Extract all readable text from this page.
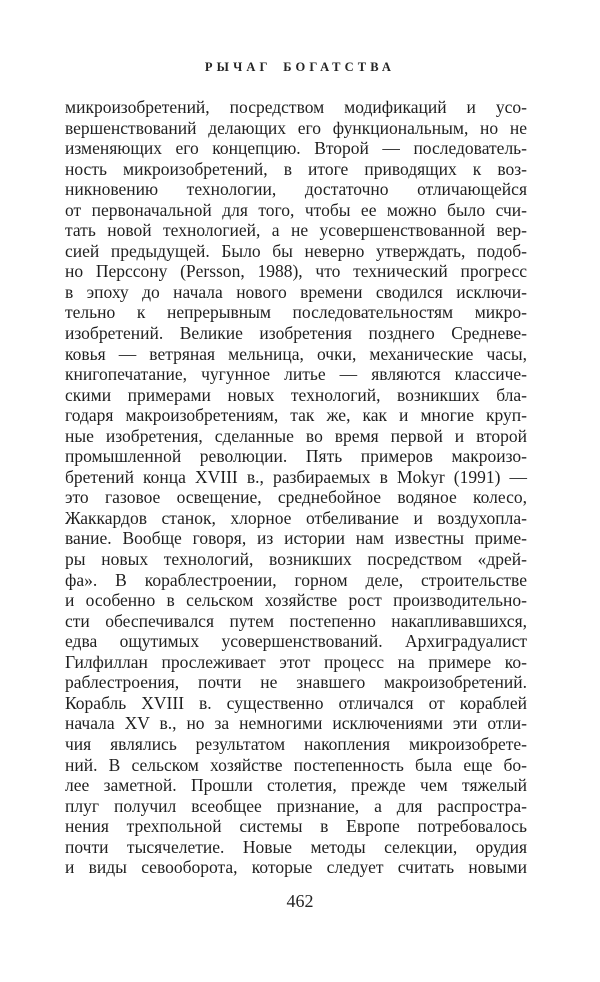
РЫЧАГ БОГАТСТВА
микроизобретений, посредством модификаций и усо-
вершенствований делающих его функциональным, но не
изменяющих его концепцию. Второй — последователь-
ность микроизобретений, в итоге приводящих к воз-
никновению технологии, достаточно отличающейся
от первоначальной для того, чтобы ее можно было счи-
тать новой технологией, а не усовершенствованной вер-
сией предыдущей. Было бы неверно утверждать, подоб-
но Перссону (Persson, 1988), что технический прогресс
в эпоху до начала нового времени сводился исключи-
тельно к непрерывным последовательностям микро-
изобретений. Великие изобретения позднего Средневе-
ковья — ветряная мельница, очки, механические часы,
книгопечатание, чугунное литье — являются классиче-
скими примерами новых технологий, возникших бла-
годаря макроизобретениям, так же, как и многие круп-
ные изобретения, сделанные во время первой и второй
промышленной революции. Пять примеров макроизо-
бретений конца XVIII в., разбираемых в Mokyr (1991) —
это газовое освещение, среднебойное водяное колесо,
Жаккардов станок, хлорное отбеливание и воздухопла-
вание. Вообще говоря, из истории нам известны приме-
ры новых технологий, возникших посредством «дрей-
фа». В кораблестроении, горном деле, строительстве
и особенно в сельском хозяйстве рост производительно-
сти обеспечивался путем постепенно накапливавшихся,
едва ощутимых усовершенствований. Архиградуалист
Гилфиллан прослеживает этот процесс на примере ко-
раблестроения, почти не знавшего макроизобретений.
Корабль XVIII в. существенно отличался от кораблей
начала XV в., но за немногими исключениями эти отли-
чия являлись результатом накопления микроизобрете-
ний. В сельском хозяйстве постепенность была еще бо-
лее заметной. Прошли столетия, прежде чем тяжелый
плуг получил всеобщее признание, а для распростра-
нения трехпольной системы в Европе потребовалось
почти тысячелетие. Новые методы селекции, орудия
и виды севооборота, которые следует считать новыми
462
